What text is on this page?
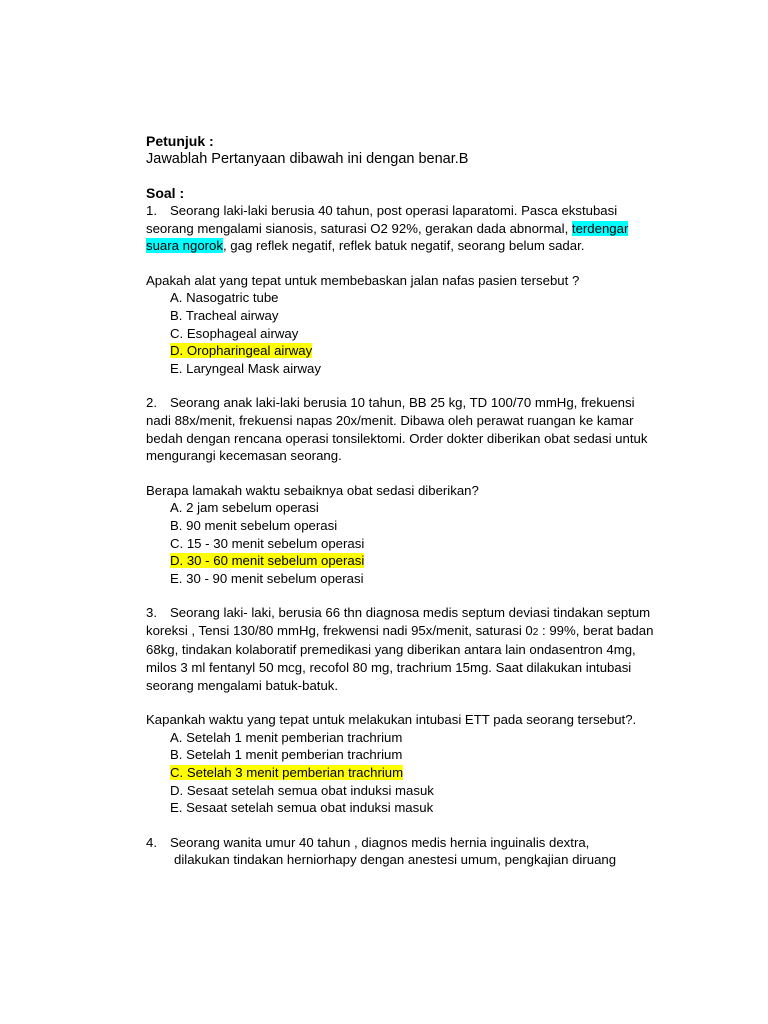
Petunjuk :

Jawablah Pertanyaan dibawah ini dengan benar.B

Soal :

1. Seorang laki-laki berusia 40 tahun, post operasi laparatomi. Pasca ekstubasi seorang mengalami sianosis, saturasi O2 92%, gerakan dada abnormal, terdengar suara ngorok, gag reflek negatif, reflek batuk negatif, seorang belum sadar.

Apakah alat yang tepat untuk membebaskan jalan nafas pasien tersebut ?

A. Nasogatric tube
B. Tracheal airway
C. Esophageal airway
D. Oropharingeal airway
E. Laryngeal Mask airway

2. Seorang anak laki-laki berusia 10 tahun, BB 25 kg, TD 100/70 mmHg, frekuensi nadi 88x/menit, frekuensi napas 20x/menit. Dibawa oleh perawat ruangan ke kamar bedah dengan rencana operasi tonsilektomi. Order dokter diberikan obat sedasi untuk mengurangi kecemasan seorang.

Berapa lamakah waktu sebaiknya obat sedasi diberikan?

A. 2 jam sebelum operasi
B. 90 menit sebelum operasi
C. 15 - 30 menit sebelum operasi
D. 30 - 60 menit sebelum operasi
E. 30 - 90 menit sebelum operasi

3. Seorang laki- laki, berusia 66 thn diagnosa medis septum deviasi tindakan septum koreksi , Tensi 130/80 mmHg, frekwensi nadi 95x/menit, saturasi 02 : 99%, berat badan 68kg, tindakan kolaboratif premedikasi yang diberikan antara lain ondasentron 4mg, milos 3 ml fentanyl 50 mcg, recofol 80 mg, trachrium 15mg. Saat dilakukan intubasi seorang mengalami batuk-batuk.

Kapankah waktu yang tepat untuk melakukan intubasi ETT pada seorang tersebut?.

A. Setelah 1 menit pemberian trachrium
B. Setelah 1 menit pemberian trachrium
C. Setelah 3 menit pemberian trachrium
D. Sesaat setelah semua obat induksi masuk
E. Sesaat setelah semua obat induksi masuk

4. Seorang wanita umur 40 tahun , diagnos medis hernia inguinalis dextra,

dilakukan tindakan herniorhapy dengan anestesi umum, pengkajian diruang
